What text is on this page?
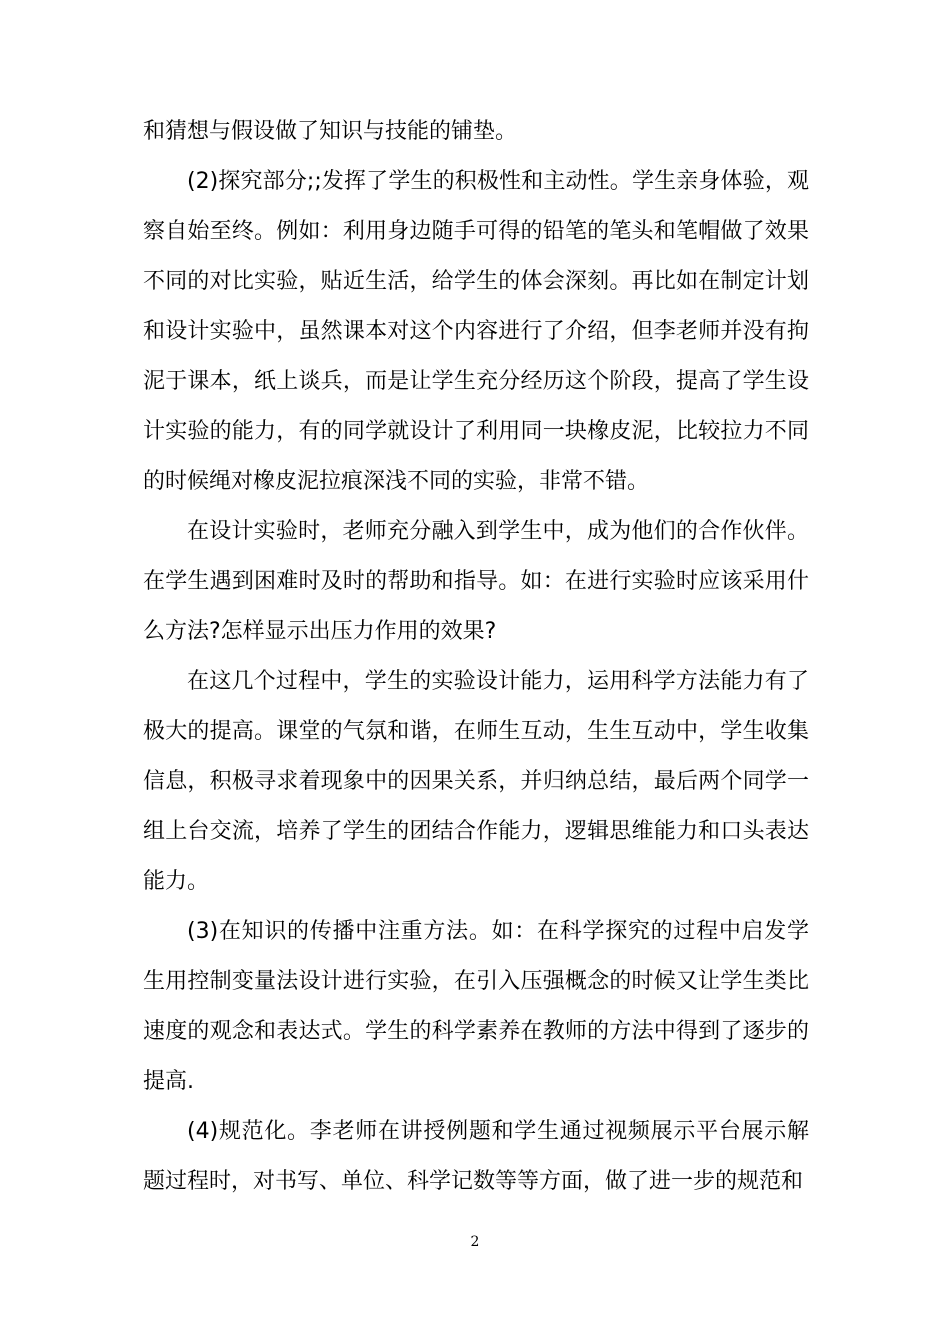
和猜想与假设做了知识与技能的铺垫。

(2)探究部分;;发挥了学生的积极性和主动性。学生亲身体验，观察自始至终。例如：利用身边随手可得的铅笔的笔头和笔帽做了效果不同的对比实验，贴近生活，给学生的体会深刻。再比如在制定计划和设计实验中，虽然课本对这个内容进行了介绍，但李老师并没有拘泥于课本，纸上谈兵，而是让学生充分经历这个阶段，提高了学生设计实验的能力，有的同学就设计了利用同一块橡皮泥，比较拉力不同的时候绳对橡皮泥拉痕深浅不同的实验，非常不错。

在设计实验时，老师充分融入到学生中，成为他们的合作伙伴。在学生遇到困难时及时的帮助和指导。如：在进行实验时应该采用什么方法?怎样显示出压力作用的效果?

在这几个过程中，学生的实验设计能力，运用科学方法能力有了极大的提高。课堂的气氛和谐，在师生互动，生生互动中，学生收集信息，积极寻求着现象中的因果关系，并归纳总结，最后两个同学一组上台交流，培养了学生的团结合作能力，逻辑思维能力和口头表达能力。

(3)在知识的传播中注重方法。如：在科学探究的过程中启发学生用控制变量法设计进行实验，在引入压强概念的时候又让学生类比速度的观念和表达式。学生的科学素养在教师的方法中得到了逐步的提高.

(4)规范化。李老师在讲授例题和学生通过视频展示平台展示解题过程时，对书写、单位、科学记数等等方面，做了进一步的规范和

2
